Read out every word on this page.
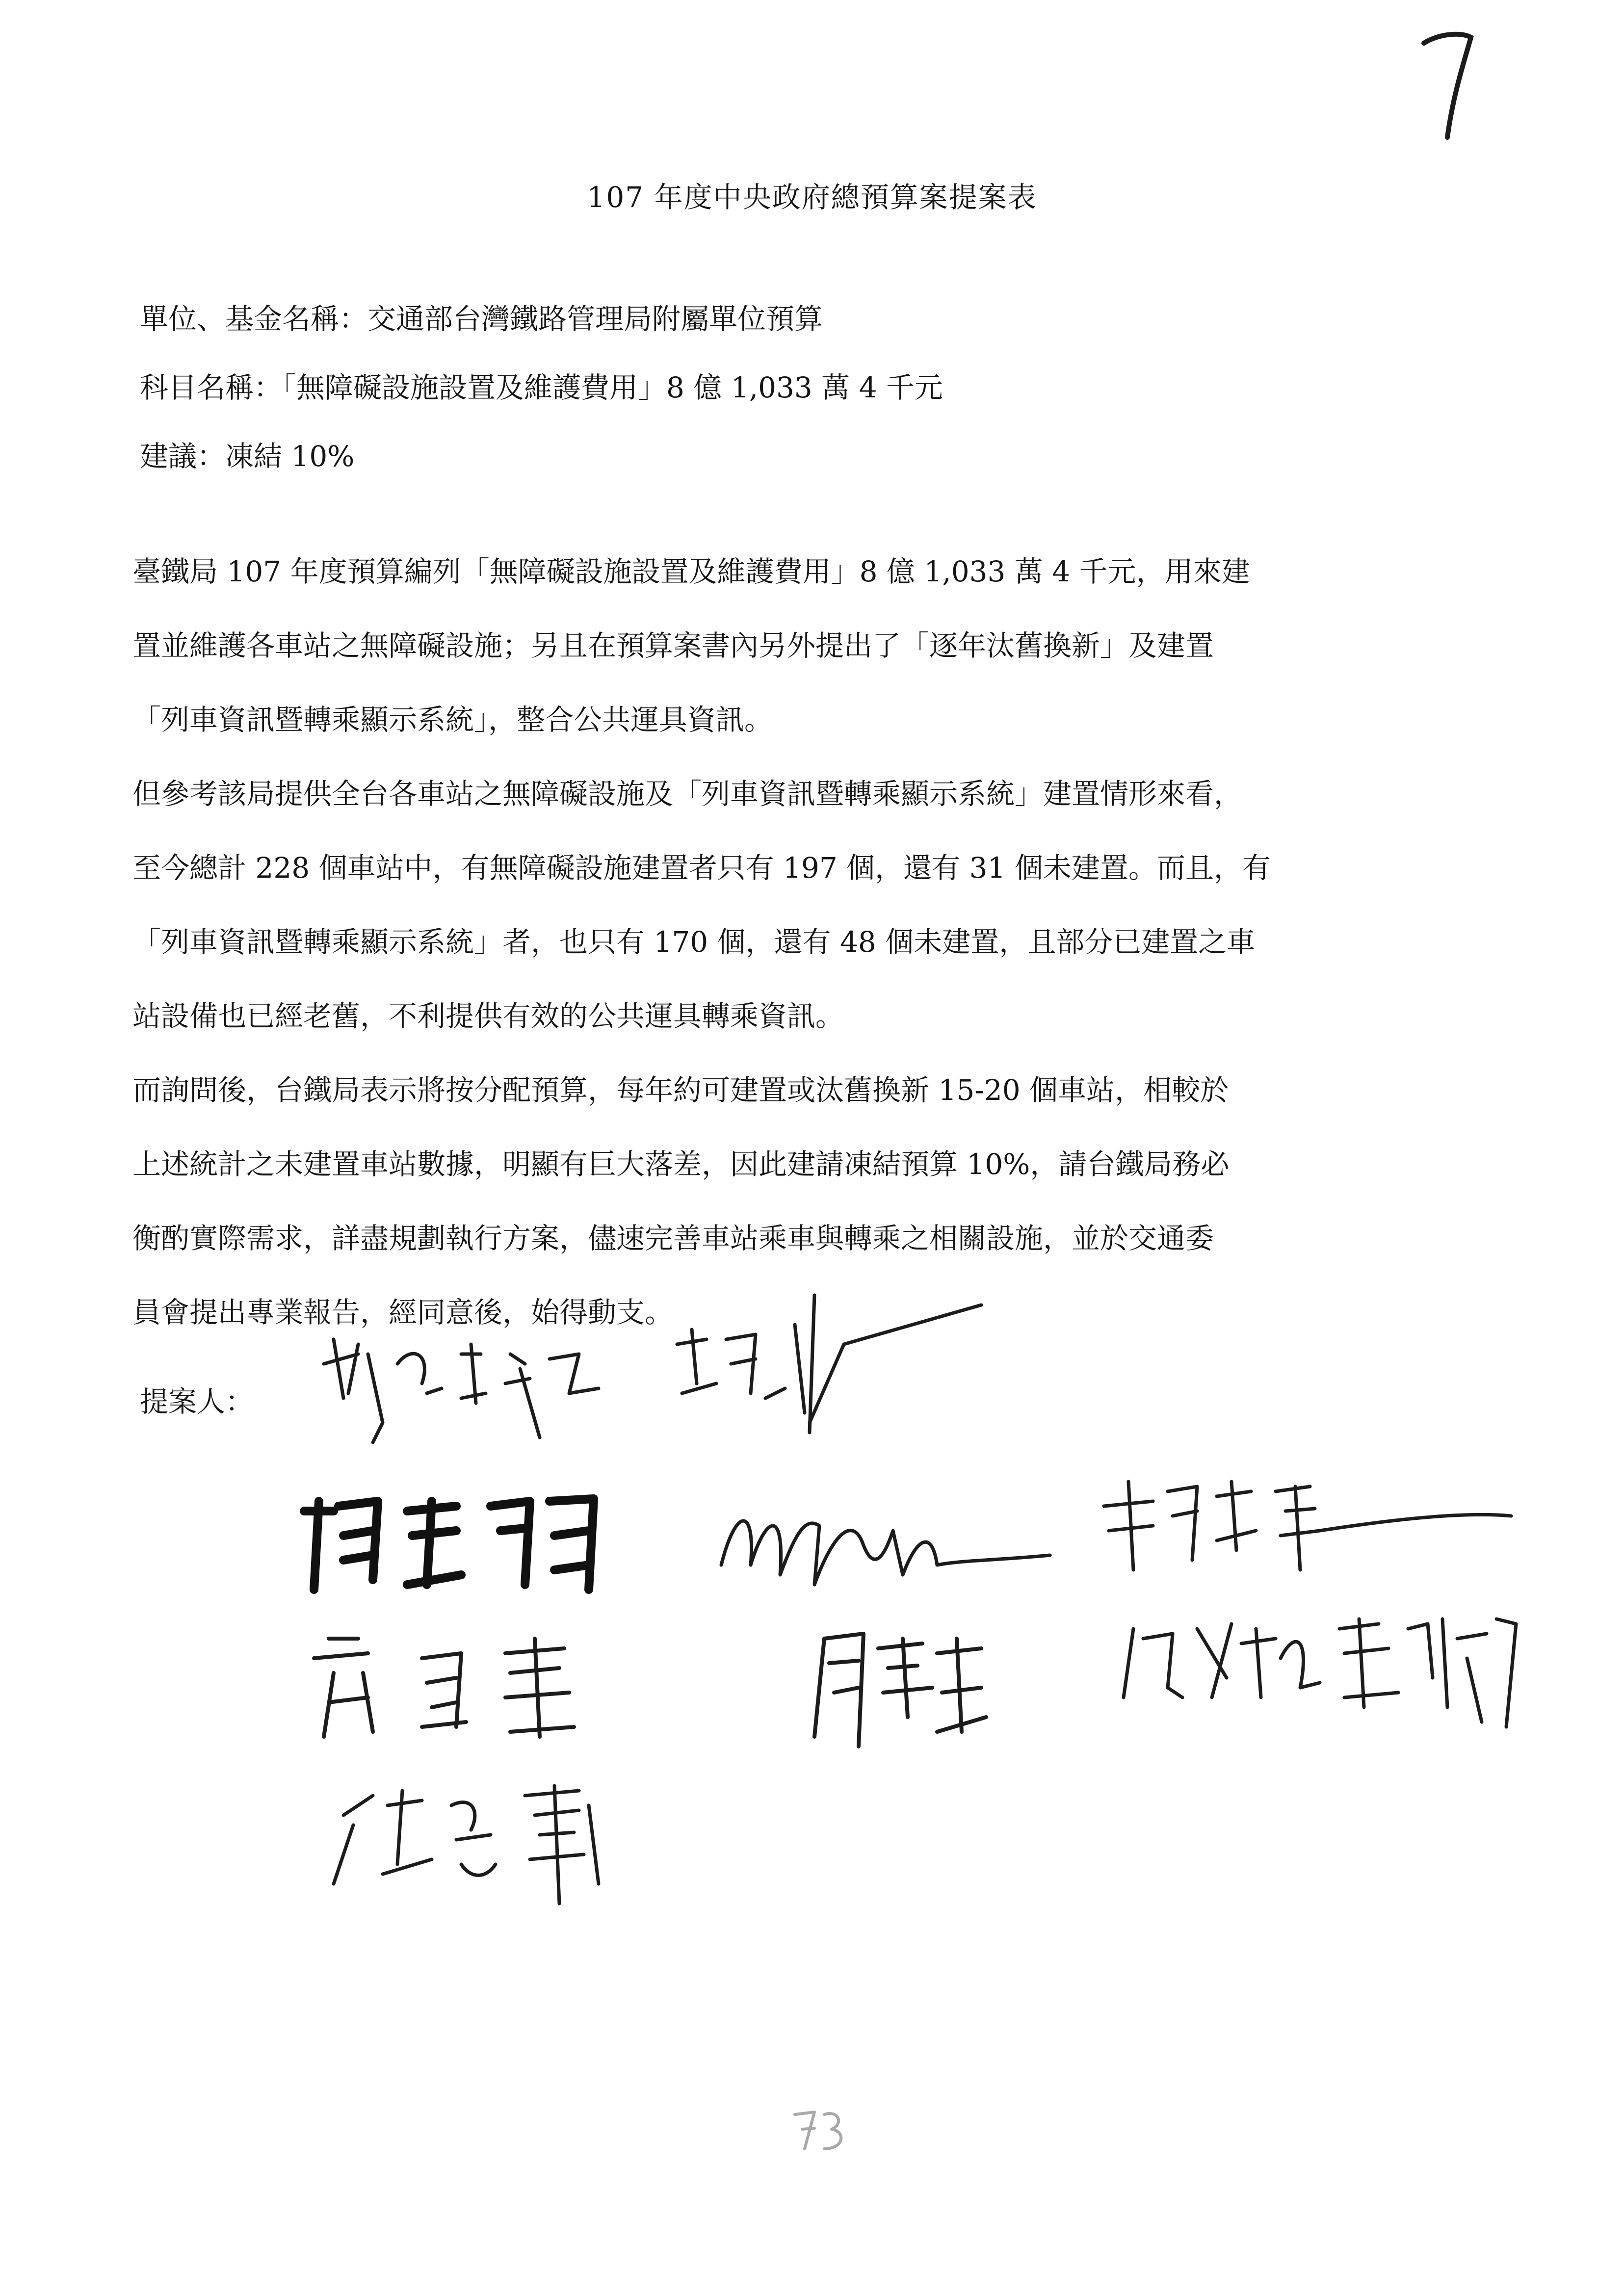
107 年度中央政府總預算案提案表
單位、基金名稱：交通部台灣鐵路管理局附屬單位預算
科目名稱：「無障礙設施設置及維護費用」8 億 1,033 萬 4 千元
建議：凍結 10%
臺鐵局 107 年度預算編列「無障礙設施設置及維護費用」8 億 1,033 萬 4 千元，用來建
置並維護各車站之無障礙設施；另且在預算案書內另外提出了「逐年汰舊換新」及建置
「列車資訊暨轉乘顯示系統」，整合公共運具資訊。
但參考該局提供全台各車站之無障礙設施及「列車資訊暨轉乘顯示系統」建置情形來看，
至今總計 228 個車站中，有無障礙設施建置者只有 197 個，還有 31 個未建置。而且，有
「列車資訊暨轉乘顯示系統」者，也只有 170 個，還有 48 個未建置，且部分已建置之車
站設備也已經老舊，不利提供有效的公共運具轉乘資訊。
而詢問後，台鐵局表示將按分配預算，每年約可建置或汰舊換新 15-20 個車站，相較於
上述統計之未建置車站數據，明顯有巨大落差，因此建請凍結預算 10%，請台鐵局務必
衡酌實際需求，詳盡規劃執行方案，儘速完善車站乘車與轉乘之相關設施，並於交通委
員會提出專業報告，經同意後，始得動支。
提案人：
